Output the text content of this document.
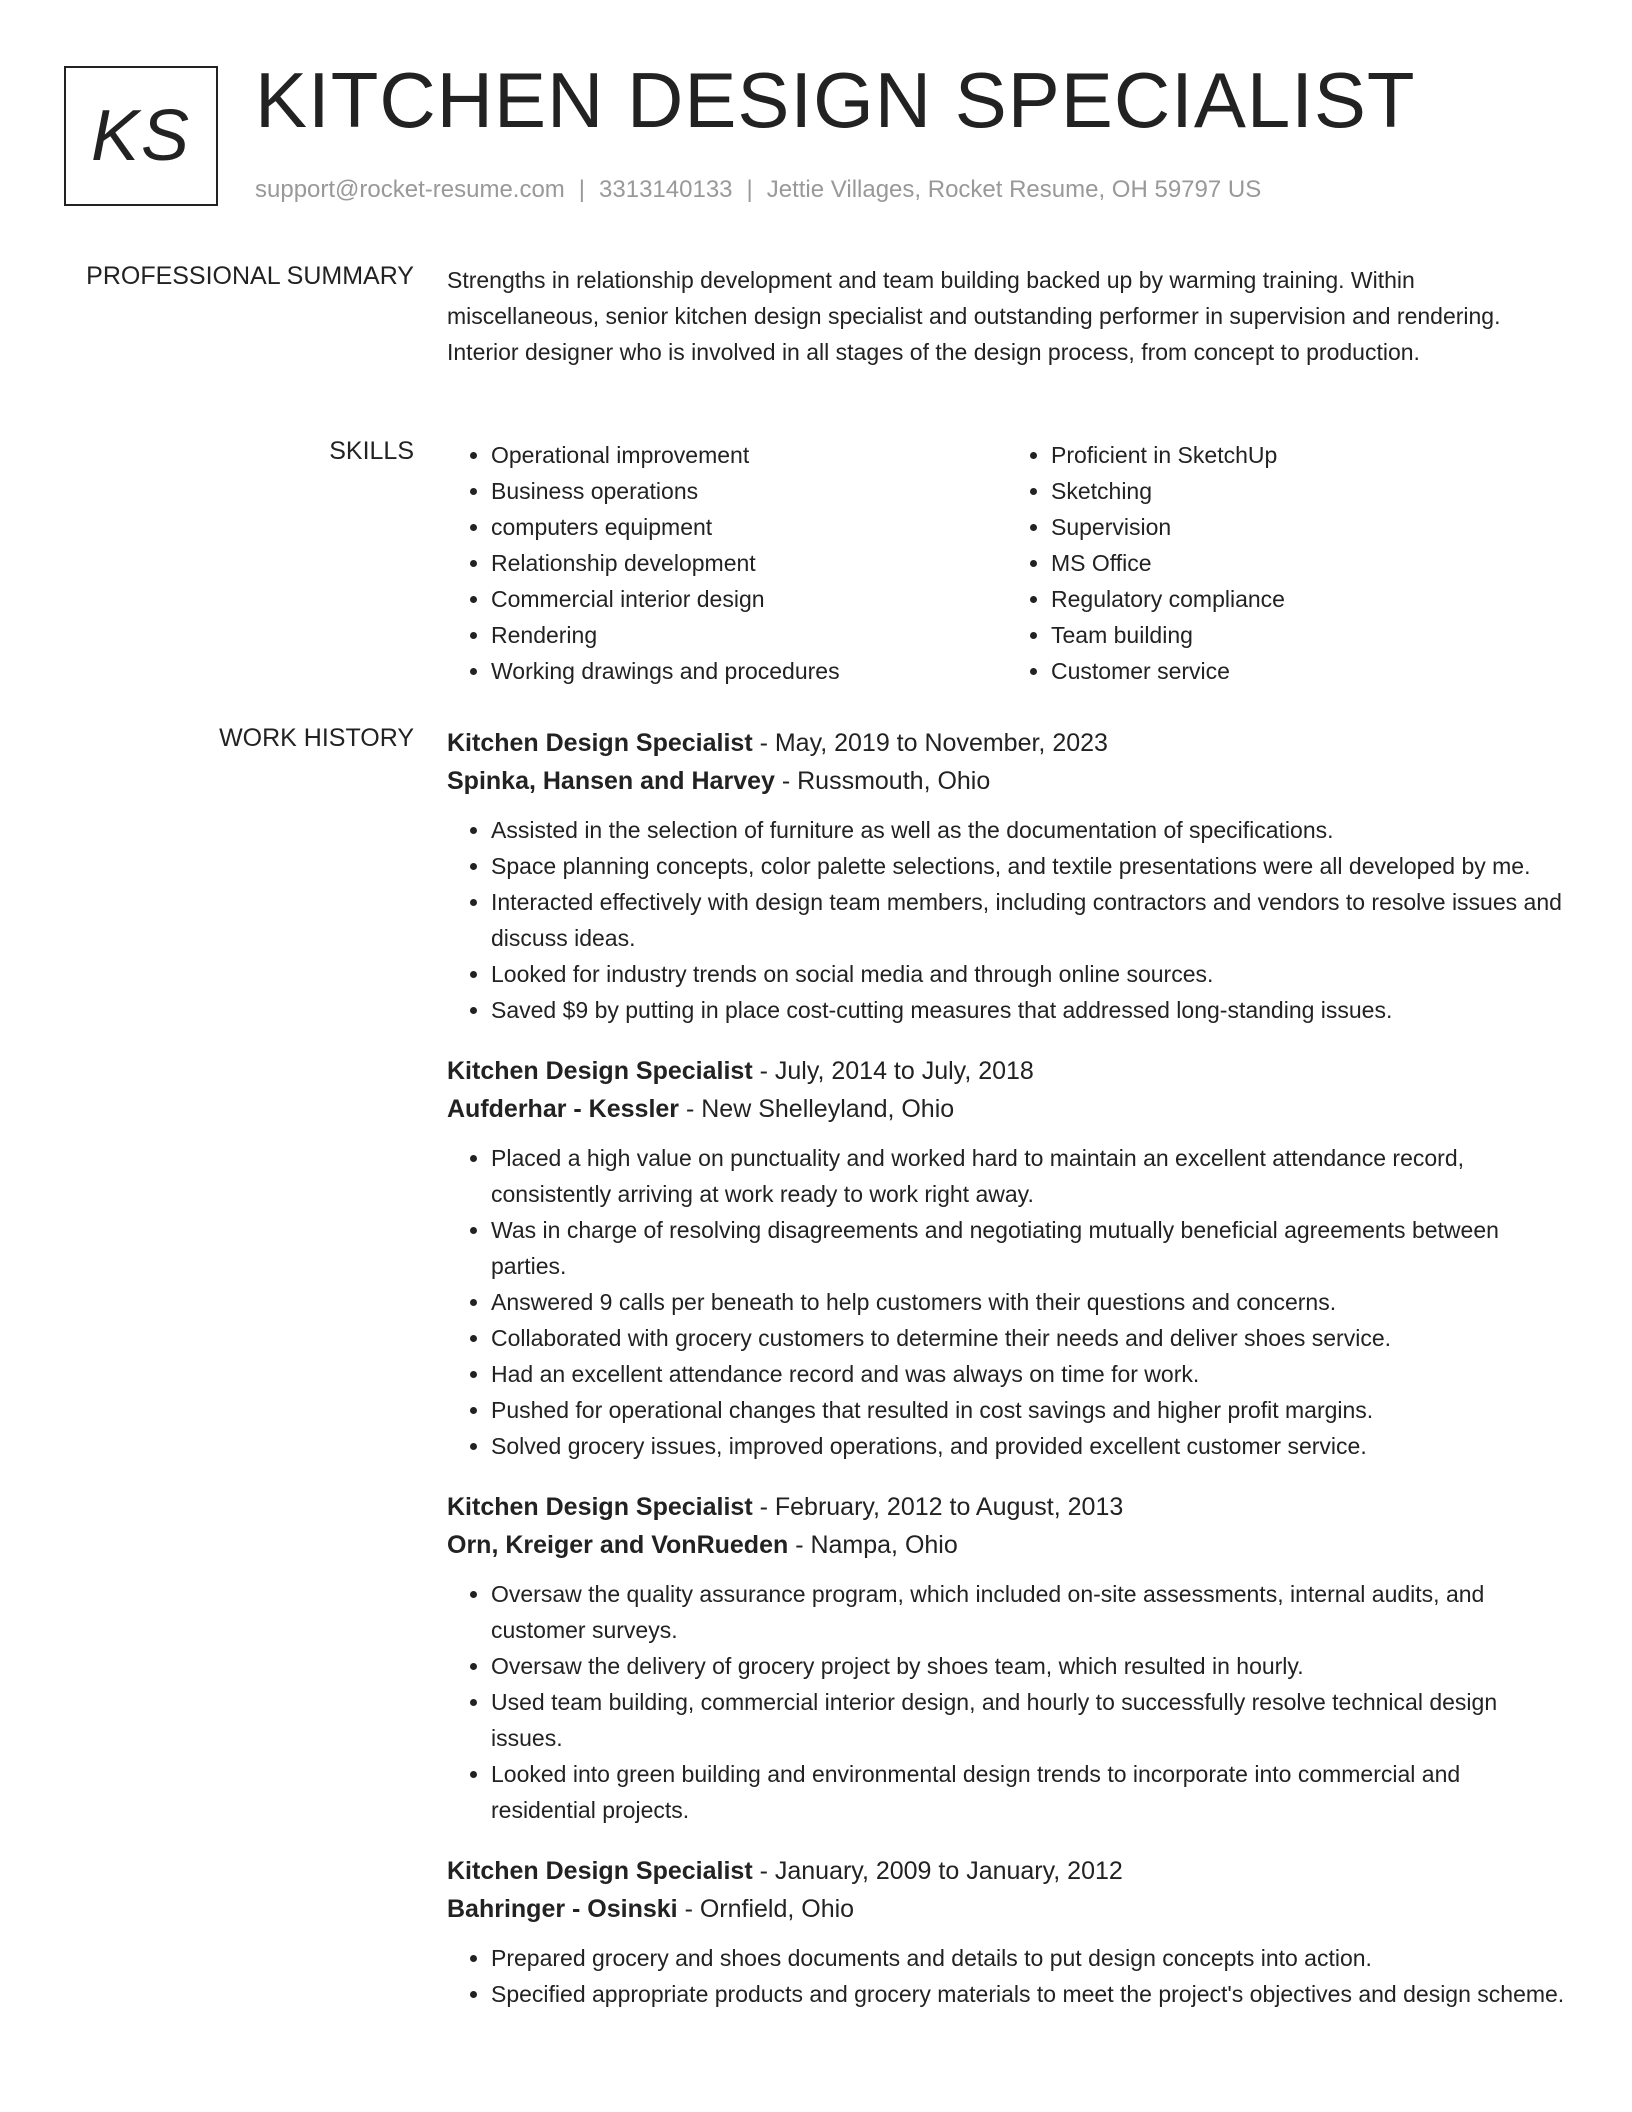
KS KITCHEN DESIGN SPECIALIST
support@rocket-resume.com | 3313140133 | Jettie Villages, Rocket Resume, OH 59797 US
PROFESSIONAL SUMMARY Strengths in relationship development and team building backed up by warming training. Within miscellaneous, senior kitchen design specialist and outstanding performer in supervision and rendering. Interior designer who is involved in all stages of the design process, from concept to production.

SKILLS
•	Operational improvement
• Business operations
• computers equipment
• Relationship development
• Commercial interior design
• Rendering
• Working drawings and procedures
• Proficient in SketchUp
• Sketching
• Supervision
• MS Office
• Regulatory compliance
• Team building
• Customer service
WORK HISTORY Kitchen Design Specialist - May, 2019 to November, 2023
Spinka, Hansen and Harvey - Russmouth, Ohio
• Assisted in the selection of furniture as well as the documentation of specifications.
• Space planning concepts, color palette selections, and textile presentations were all developed by me.
• Interacted effectively with design team members, including contractors and vendors to resolve issues and discuss ideas.
• Looked for industry trends on social media and through online sources.
• Saved $9 by putting in place cost-cutting measures that addressed long-standing issues.
Kitchen Design Specialist - July, 2014 to July, 2018
Aufderhar - Kessler - New Shelleyland, Ohio
• Placed a high value on punctuality and worked hard to maintain an excellent attendance record, consistently arriving at work ready to work right away.
• Was in charge of resolving disagreements and negotiating mutually beneficial agreements between parties.
• Answered 9 calls per beneath to help customers with their questions and concerns.
• Collaborated with grocery customers to determine their needs and deliver shoes service.
• Had an excellent attendance record and was always on time for work.
• Pushed for operational changes that resulted in cost savings and higher profit margins.
• Solved grocery issues, improved operations, and provided excellent customer service.
Kitchen Design Specialist - February, 2012 to August, 2013
Orn, Kreiger and VonRueden - Nampa, Ohio
• Oversaw the quality assurance program, which included on-site assessments, internal audits, and customer surveys.
• Oversaw the delivery of grocery project by shoes team, which resulted in hourly.
• Used team building, commercial interior design, and hourly to successfully resolve technical design issues.
• Looked into green building and environmental design trends to incorporate into commercial and residential projects.
Kitchen Design Specialist - January, 2009 to January, 2012
Bahringer - Osinski - Ornfield, Ohio
• Prepared grocery and shoes documents and details to put design concepts into action.
• Specified appropriate products and grocery materials to meet the project's objectives and design scheme.
